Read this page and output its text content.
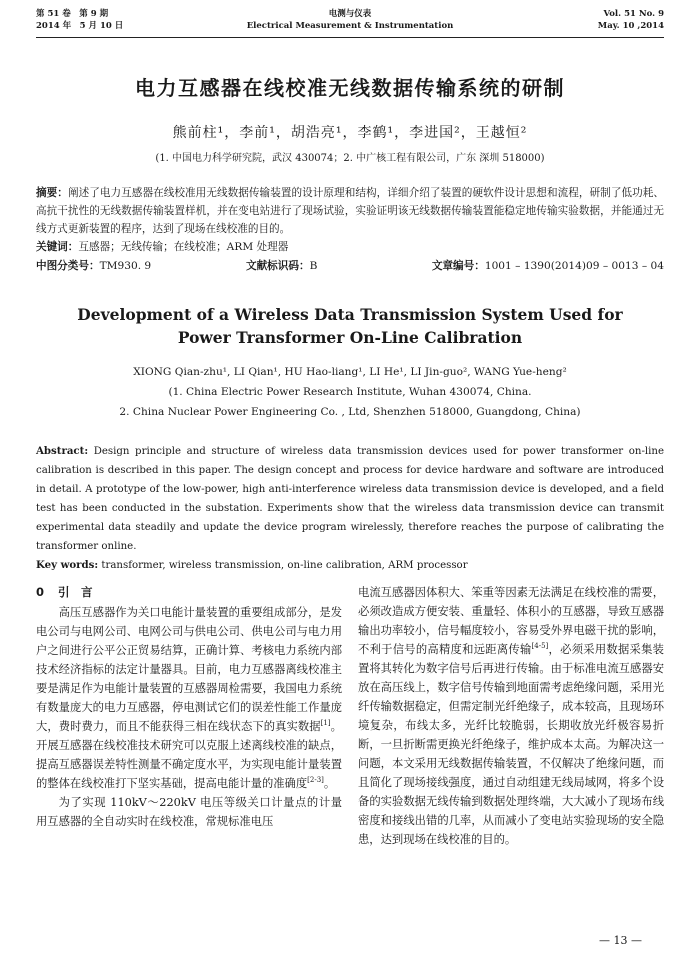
第 51 卷　第 9 期
2014 年　5 月 10 日
电测与仪表
Electrical Measurement & Instrumentation
Vol. 51 No. 9
May. 10 ,2014
电力互感器在线校准无线数据传输系统的研制
熊前柱¹，李前¹，胡浩亮¹，李鹤¹，李进国²，王越恒²
(1. 中国电力科学研究院，武汉 430074；2. 中广核工程有限公司，广东 深圳 518000)
摘要：阐述了电力互感器在线校准用无线数据传输装置的设计原理和结构，详细介绍了装置的硬软件设计思想和流程，研制了低功耗、高抗干扰性的无线数据传输装置样机，并在变电站进行了现场试验，实验证明该无线数据传输装置能稳定地传输实验数据，并能通过无线方式更新装置的程序，达到了现场在线校准的目的。
关键词：互感器；无线传输；在线校准；ARM 处理器
中图分类号：TM930. 9	文献标识码：B	文章编号：1001 – 1390(2014)09 – 0013 – 04
Development of a Wireless Data Transmission System Used for
Power Transformer On-Line Calibration
XIONG Qian-zhu¹, LI Qian¹, HU Hao-liang¹, LI He¹, LI Jin-guo², WANG Yue-heng²
(1. China Electric Power Research Institute, Wuhan 430074, China.
2. China Nuclear Power Engineering Co. , Ltd, Shenzhen 518000, Guangdong, China)
Abstract: Design principle and structure of wireless data transmission devices used for power transformer on-line calibration is described in this paper. The design concept and process for device hardware and software are introduced in detail. A prototype of the low-power, high anti-interference wireless data transmission device is developed, and a field test has been conducted in the substation. Experiments show that the wireless data transmission device can transmit experimental data steadily and update the device program wirelessly, therefore reaches the purpose of calibrating the transformer online.
Key words: transformer, wireless transmission, on-line calibration, ARM processor
0 引　言

高压互感器作为关口电能计量装置的重要组成部分，是发电公司与电网公司、电网公司与供电公司、供电公司与电力用户之间进行公平公正贸易结算，正确计算、考核电力系统内部技术经济指标的法定计量器具。目前，电力互感器离线校准主要是满足作为电能计量装置的互感器周检需要，我国电力系统有数量庞大的电力互感器，停电测试它们的误差性能工作量庞大，费时费力，而且不能获得三相在线状态下的真实数据[1]。开展互感器在线校准技术研究可以克服上述离线校准的缺点，提高互感器误差特性测量不确定度水平，为实现电能计量装置的整体在线校准打下坚实基础，提高电能计量的准确度[2-3]。

为了实现 110kV～220kV 电压等级关口计量点的计量用互感器的全自动实时在线校准，常规标准电压

电流互感器因体积大、笨重等因素无法满足在线校准的需要，必须改造成方便安装、重量轻、体积小的互感器，导致互感器输出功率较小，信号幅度较小，容易受外界电磁干扰的影响，不利于信号的高精度和远距离传输[4-5]，必须采用数据采集装置将其转化为数字信号后再进行传输。由于标准电流互感器安放在高压线上，数字信号传输到地面需考虑绝缘问题，采用光纤传输数据稳定，但需定制光纤绝缘子，成本较高，且现场环境复杂，布线太多，光纤比较脆弱，长期收放光纤极容易折断，一旦折断需更换光纤绝缘子，维护成本太高。为解决这一问题，本文采用无线数据传输装置，不仅解决了绝缘问题，而且简化了现场接线强度，通过自动组建无线局域网，将多个设备的实验数据无线传输到数据处理终端，大大减小了现场布线密度和接线出错的几率，从而减小了变电站实验现场的安全隐患，达到现场在线校准的目的。

— 13 —
